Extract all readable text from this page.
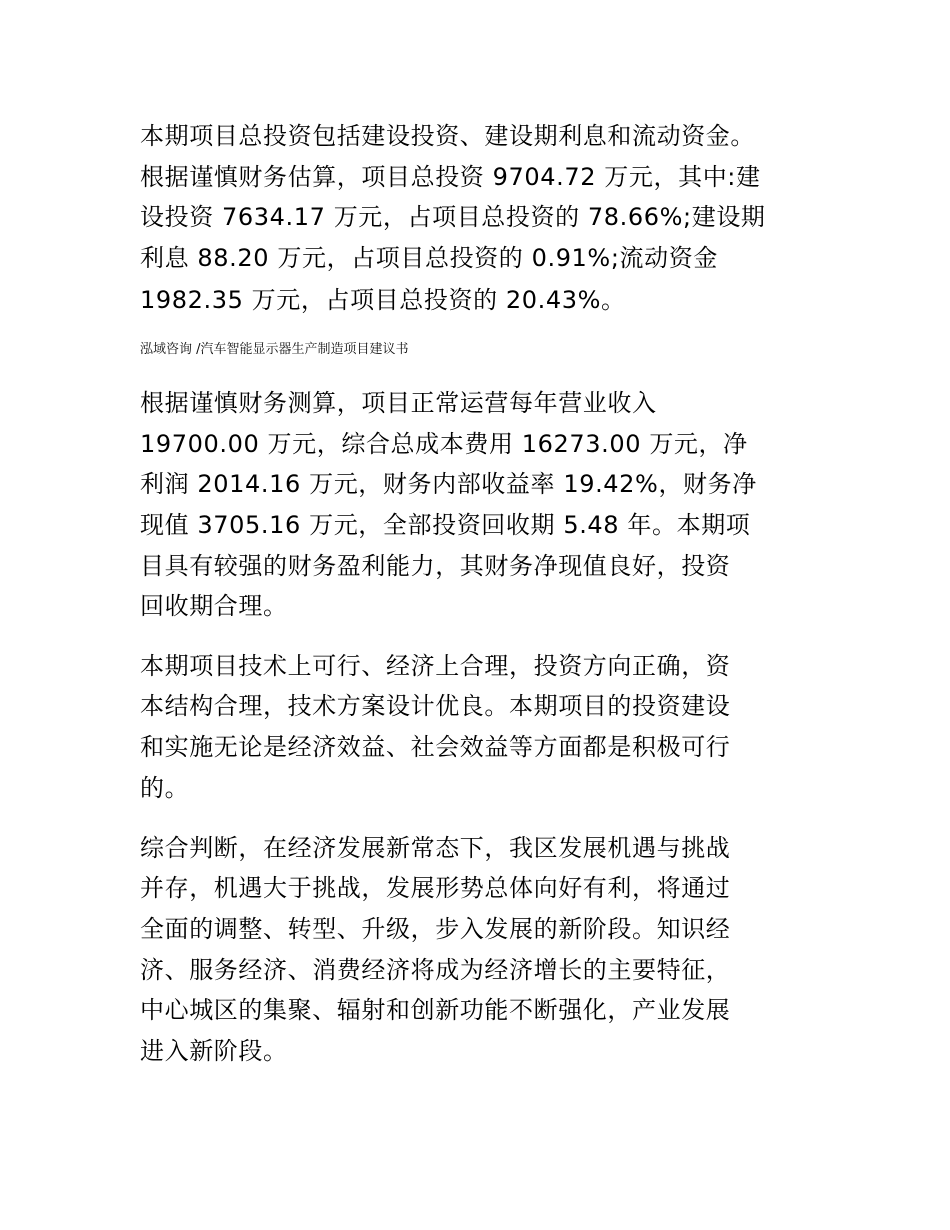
本期项目总投资包括建设投资、建设期利息和流动资金。
根据谨慎财务估算，项目总投资 9704.72 万元，其中:建
设投资 7634.17 万元，占项目总投资的 78.66%;建设期
利息 88.20 万元，占项目总投资的 0.91%;流动资金
1982.35 万元，占项目总投资的 20.43%。
泓域咨询 /汽车智能显示器生产制造项目建议书
根据谨慎财务测算，项目正常运营每年营业收入
19700.00 万元，综合总成本费用 16273.00 万元，净
利润 2014.16 万元，财务内部收益率 19.42%，财务净
现值 3705.16 万元，全部投资回收期 5.48 年。本期项
目具有较强的财务盈利能力，其财务净现值良好，投资
回收期合理。
本期项目技术上可行、经济上合理，投资方向正确，资
本结构合理，技术方案设计优良。本期项目的投资建设
和实施无论是经济效益、社会效益等方面都是积极可行
的。
综合判断，在经济发展新常态下，我区发展机遇与挑战
并存，机遇大于挑战，发展形势总体向好有利，将通过
全面的调整、转型、升级，步入发展的新阶段。知识经
济、服务经济、消费经济将成为经济增长的主要特征，
中心城区的集聚、辐射和创新功能不断强化，产业发展
进入新阶段。
